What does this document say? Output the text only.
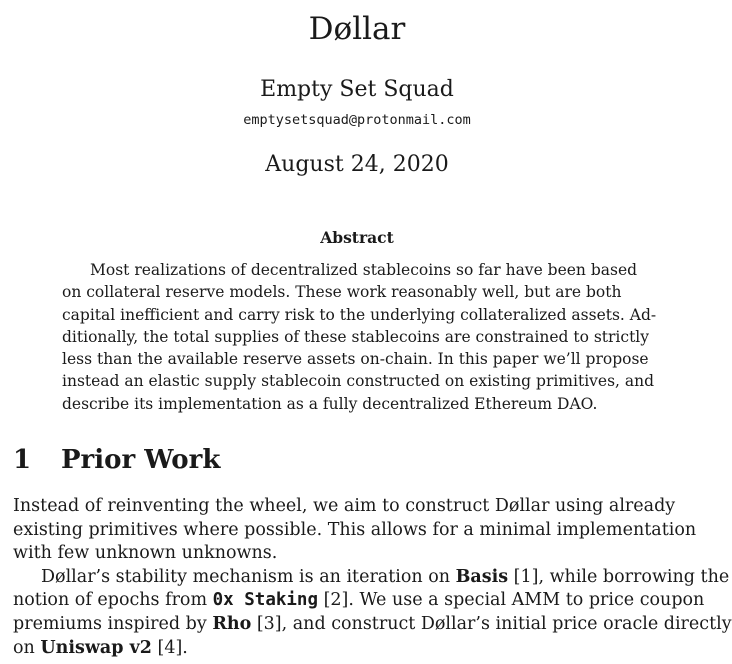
Døllar
Empty Set Squad
emptysetsquad@protonmail.com
August 24, 2020
Abstract
Most realizations of decentralized stablecoins so far have been based
on collateral reserve models. These work reasonably well, but are both
capital inefficient and carry risk to the underlying collateralized assets. Ad-
ditionally, the total supplies of these stablecoins are constrained to strictly
less than the available reserve assets on-chain. In this paper we’ll propose
instead an elastic supply stablecoin constructed on existing primitives, and
describe its implementation as a fully decentralized Ethereum DAO.
1 Prior Work
Instead of reinventing the wheel, we aim to construct Døllar using already
existing primitives where possible. This allows for a minimal implementation
with few unknown unknowns.
Døllar’s stability mechanism is an iteration on Basis [1], while borrowing the
notion of epochs from 0x Staking [2]. We use a special AMM to price coupon
premiums inspired by Rho [3], and construct Døllar’s initial price oracle directly
on Uniswap v2 [4].
